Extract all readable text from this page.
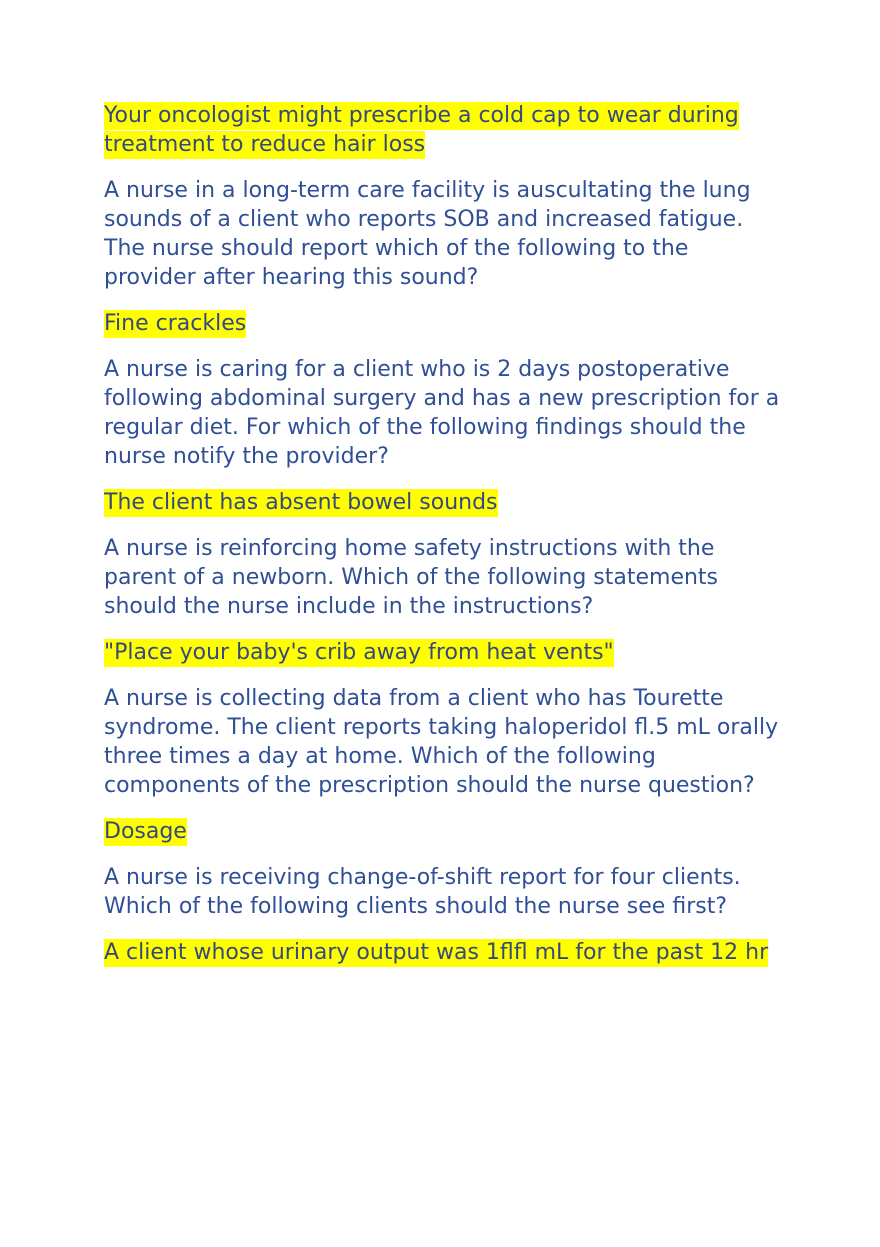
Your oncologist might prescribe a cold cap to wear during treatment to reduce hair loss

A nurse in a long-term care facility is auscultating the lung sounds of a client who reports SOB and increased fatigue. The nurse should report which of the following to the provider after hearing this sound?

Fine crackles

A nurse is caring for a client who is 2 days postoperative following abdominal surgery and has a new prescription for a regular diet. For which of the following findings should the nurse notify the provider?

The client has absent bowel sounds

A nurse is reinforcing home safety instructions with the parent of a newborn. Which of the following statements should the nurse include in the instructions?

"Place your baby's crib away from heat vents"

A nurse is collecting data from a client who has Tourette syndrome. The client reports taking haloperidol ﬂ.5 mL orally three times a day at home. Which of the following components of the prescription should the nurse question?

Dosage

A nurse is receiving change-of-shift report for four clients. Which of the following clients should the nurse see first?

A client whose urinary output was 1ﬂﬂ mL for the past 12 hr
